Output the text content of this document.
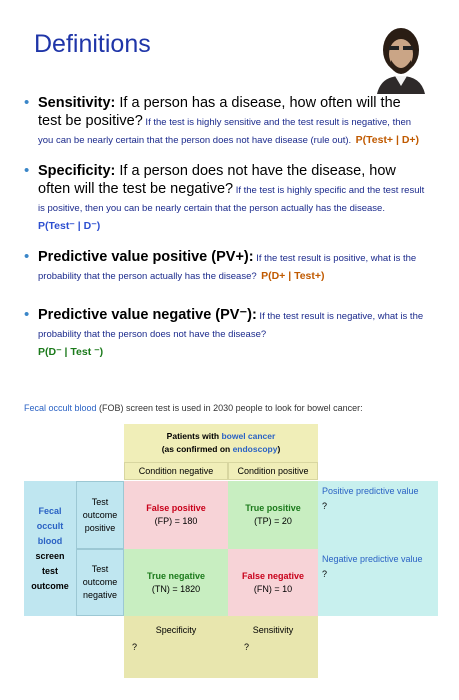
Definitions
• Sensitivity: If a person has a disease, how often will the test be positive? If the test is highly sensitive and the test result is negative, then you can be nearly certain that the person does not have disease (rule out). P(Test+ | D+)
• Specificity: If a person does not have the disease, how often will the test be negative? If the test is highly specific and the test result is positive, then you can be nearly certain that the person actually has the disease. P(Test⁻ | D⁻)
• Predictive value positive (PV+): If the test result is positive, what is the probability that the person actually has the disease? P(D+ | Test+)
• Predictive value negative (PV⁻): If the test result is negative, what is the probability that the person does not have the disease?
P(D⁻ | Test ⁻)
Fecal occult blood (FOB) screen test is used in 2030 people to look for bowel cancer:
Patients with bowel cancer
(as confirmed on endoscopy)
Condition negative	Condition positive
Fecal
occult
blood
screen
test
outcome
Test
outcome
positive
Test
outcome
negative
False positive
(FP) = 180
True positive
(TP) = 20
True negative
(TN) = 1820
False negative
(FN) = 10
Positive predictive value
?
Negative predictive value
?
Specificity
?
Sensitivity
?
